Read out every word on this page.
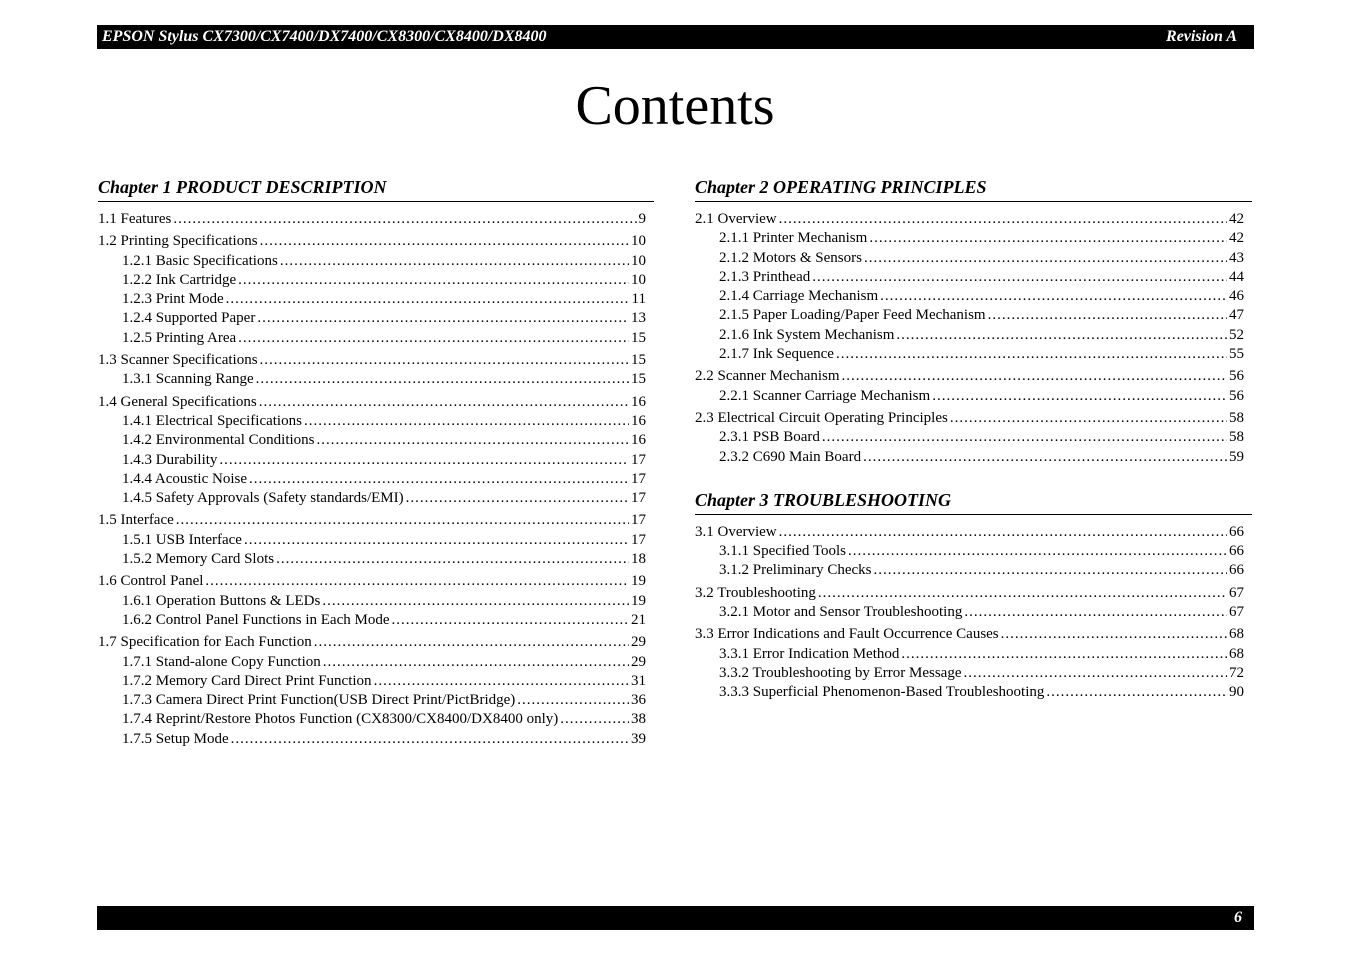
EPSON Stylus CX7300/CX7400/DX7400/CX8300/CX8400/DX8400	Revision A
Contents
Chapter 1 PRODUCT DESCRIPTION
1.1 Features .....	9
1.2 Printing Specifications .....	10
1.2.1 Basic Specifications .....	10
1.2.2 Ink Cartridge .....	10
1.2.3 Print Mode .....	11
1.2.4 Supported Paper .....	13
1.2.5 Printing Area .....	15
1.3 Scanner Specifications .....	15
1.3.1 Scanning Range .....	15
1.4 General Specifications .....	16
1.4.1 Electrical Specifications .....	16
1.4.2 Environmental Conditions .....	16
1.4.3 Durability .....	17
1.4.4 Acoustic Noise .....	17
1.4.5 Safety Approvals (Safety standards/EMI) .....	17
1.5 Interface .....	17
1.5.1 USB Interface .....	17
1.5.2 Memory Card Slots .....	18
1.6 Control Panel .....	19
1.6.1 Operation Buttons & LEDs .....	19
1.6.2 Control Panel Functions in Each Mode .....	21
1.7 Specification for Each Function .....	29
1.7.1 Stand-alone Copy Function .....	29
1.7.2 Memory Card Direct Print Function .....	31
1.7.3 Camera Direct Print Function(USB Direct Print/PictBridge) .....	36
1.7.4 Reprint/Restore Photos Function (CX8300/CX8400/DX8400 only) .....	38
1.7.5 Setup Mode .....	39
Chapter 2 OPERATING PRINCIPLES
2.1 Overview .....	42
2.1.1 Printer Mechanism .....	42
2.1.2 Motors & Sensors .....	43
2.1.3 Printhead .....	44
2.1.4 Carriage Mechanism .....	46
2.1.5 Paper Loading/Paper Feed Mechanism .....	47
2.1.6 Ink System Mechanism .....	52
2.1.7 Ink Sequence .....	55
2.2 Scanner Mechanism .....	56
2.2.1 Scanner Carriage Mechanism .....	56
2.3 Electrical Circuit Operating Principles .....	58
2.3.1 PSB Board .....	58
2.3.2 C690 Main Board .....	59
Chapter 3 TROUBLESHOOTING
3.1 Overview .....	66
3.1.1 Specified Tools .....	66
3.1.2 Preliminary Checks .....	66
3.2 Troubleshooting .....	67
3.2.1 Motor and Sensor Troubleshooting .....	67
3.3 Error Indications and Fault Occurrence Causes .....	68
3.3.1 Error Indication Method .....	68
3.3.2 Troubleshooting by Error Message .....	72
3.3.3 Superficial Phenomenon-Based Troubleshooting .....	90
6
